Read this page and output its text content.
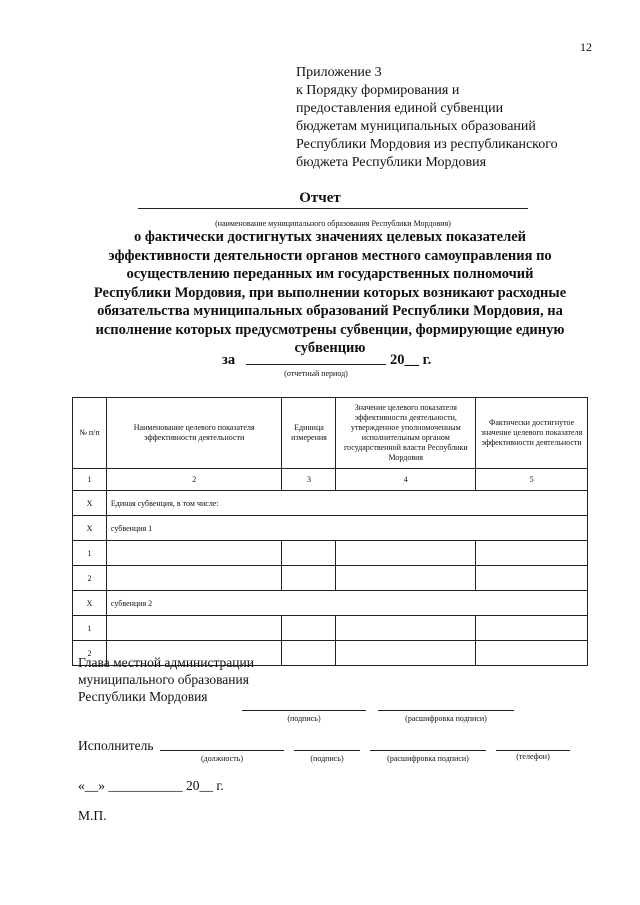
12
Приложение 3
к Порядку формирования и
предоставления единой субвенции
бюджетам муниципальных образований
Республики Мордовия из республиканского
бюджета Республики Мордовия
Отчет
(наименование муниципального образования Республики Мордовия)
о фактически достигнутых значениях целевых показателей
эффективности деятельности органов местного самоуправления по
осуществлению переданных им государственных полномочий
Республики Мордовия, при выполнении которых возникают расходные
обязательства муниципальных образований Республики Мордовия, на
исполнение которых предусмотрены субвенции, формирующие единую
субвенцию
за	20__ г.
(отчетный период)
№ п/п	Наименование целевого показателя эффективности деятельности	Единица измерения	Значение целевого показателя эффективности деятельности, утвержденное уполномоченным исполнительным органом государственной власти Республики Мордовия	Фактически достигнутое значение целевого показателя эффективности деятельности
1	2	3	4	5
X	Единая субвенция, в том числе:			
X	субвенция 1			
1				
2				
X	субвенция 2			
1				
2				
Глава местной администрации
муниципального образования
Республики Мордовия
(подпись)	(расшифровка подписи)
Исполнитель
(должность)	(подпись)	(расшифровка подписи)	(телефон)
«__» ___________ 20__ г.
М.П.
